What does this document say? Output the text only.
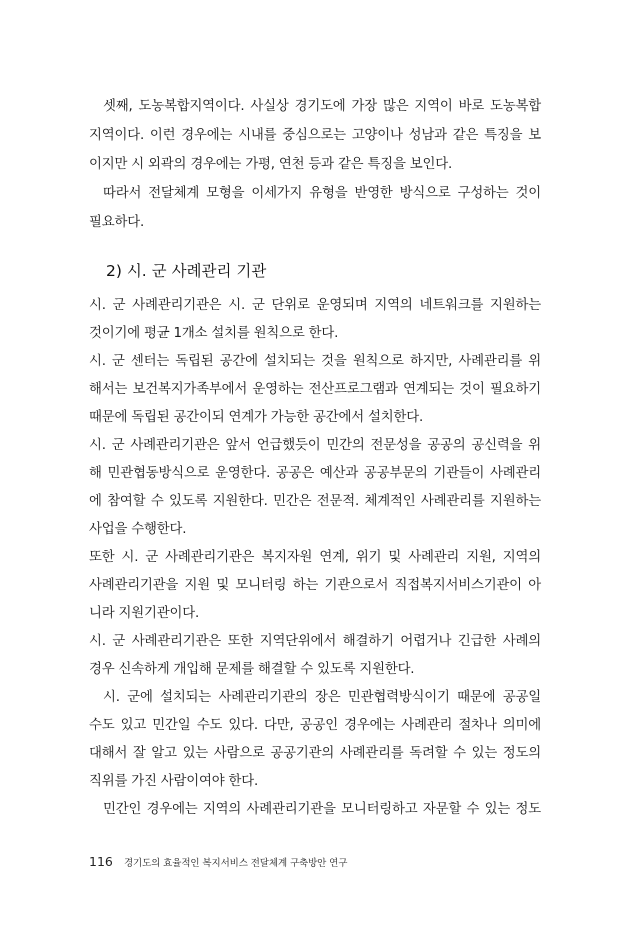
셋째, 도농복합지역이다. 사실상 경기도에 가장 많은 지역이 바로 도농복합
지역이다. 이런 경우에는 시내를 중심으로는 고양이나 성남과 같은 특징을 보
이지만 시 외곽의 경우에는 가평, 연천 등과 같은 특징을 보인다.
따라서 전달체계 모형을 이세가지 유형을 반영한 방식으로 구성하는 것이
필요하다.
2) 시. 군 사례관리 기관
시. 군 사례관리기관은 시. 군 단위로 운영되며 지역의 네트워크를 지원하는
것이기에 평균 1개소 설치를 원칙으로 한다.
시. 군 센터는 독립된 공간에 설치되는 것을 원칙으로 하지만, 사례관리를 위
해서는 보건복지가족부에서 운영하는 전산프로그램과 연계되는 것이 필요하기
때문에 독립된 공간이되 연계가 가능한 공간에서 설치한다.
시. 군 사례관리기관은 앞서 언급했듯이 민간의 전문성을 공공의 공신력을 위
해 민관협동방식으로 운영한다. 공공은 예산과 공공부문의 기관들이 사례관리
에 참여할 수 있도록 지원한다. 민간은 전문적. 체계적인 사례관리를 지원하는
사업을 수행한다.
또한 시. 군 사례관리기관은 복지자원 연계, 위기 및 사례관리 지원, 지역의
사례관리기관을 지원 및 모니터링 하는 기관으로서 직접복지서비스기관이 아
니라 지원기관이다.
시. 군 사례관리기관은 또한 지역단위에서 해결하기 어렵거나 긴급한 사례의
경우 신속하게 개입해 문제를 해결할 수 있도록 지원한다.
시. 군에 설치되는 사례관리기관의 장은 민관협력방식이기 때문에 공공일
수도 있고 민간일 수도 있다. 다만, 공공인 경우에는 사례관리 절차나 의미에
대해서 잘 알고 있는 사람으로 공공기관의 사례관리를 독려할 수 있는 정도의
직위를 가진 사람이여야 한다.
민간인 경우에는 지역의 사례관리기관을 모니터링하고 자문할 수 있는 정도
116 경기도의 효율적인 복지서비스 전달체계 구축방안 연구
